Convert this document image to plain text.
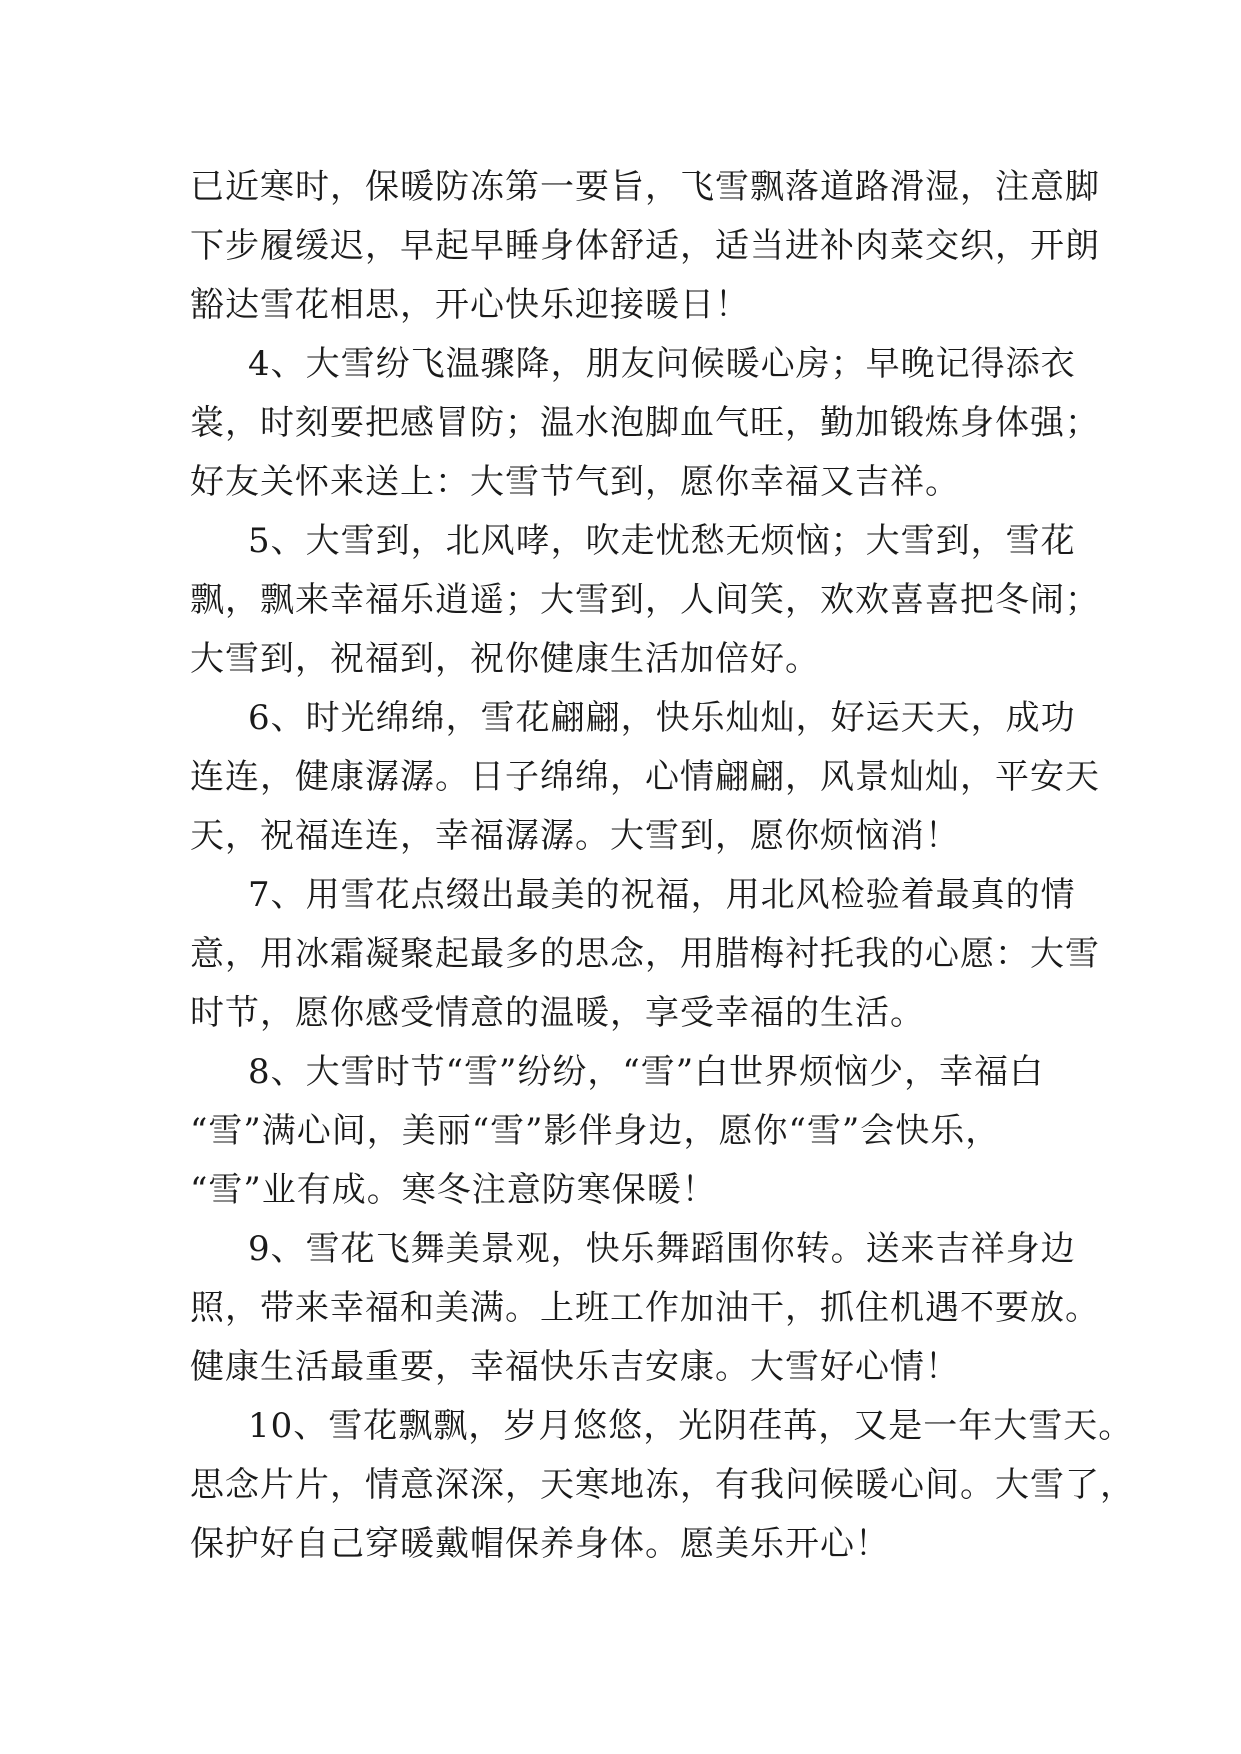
已近寒时，保暖防冻第一要旨，飞雪飘落道路滑湿，注意脚
下步履缓迟，早起早睡身体舒适，适当进补肉菜交织，开朗
豁达雪花相思，开心快乐迎接暖日！
4、大雪纷飞温骤降，朋友问候暖心房；早晚记得添衣
裳，时刻要把感冒防；温水泡脚血气旺，勤加锻炼身体强；
好友关怀来送上：大雪节气到，愿你幸福又吉祥。
5、大雪到，北风哮，吹走忧愁无烦恼；大雪到，雪花
飘，飘来幸福乐逍遥；大雪到，人间笑，欢欢喜喜把冬闹；
大雪到，祝福到，祝你健康生活加倍好。
6、时光绵绵，雪花翩翩，快乐灿灿，好运天天，成功
连连，健康潺潺。日子绵绵，心情翩翩，风景灿灿，平安天
天，祝福连连，幸福潺潺。大雪到，愿你烦恼消！
7、用雪花点缀出最美的祝福，用北风检验着最真的情
意，用冰霜凝聚起最多的思念，用腊梅衬托我的心愿：大雪
时节，愿你感受情意的温暖，享受幸福的生活。
8、大雪时节“雪”纷纷，“雪”白世界烦恼少，幸福白
“雪”满心间，美丽“雪”影伴身边，愿你“雪”会快乐，
“雪”业有成。寒冬注意防寒保暖！
9、雪花飞舞美景观，快乐舞蹈围你转。送来吉祥身边
照，带来幸福和美满。上班工作加油干，抓住机遇不要放。
健康生活最重要，幸福快乐吉安康。大雪好心情！
10、雪花飘飘，岁月悠悠，光阴荏苒，又是一年大雪天。
思念片片，情意深深，天寒地冻，有我问候暖心间。大雪了，
保护好自己穿暖戴帽保养身体。愿美乐开心！
